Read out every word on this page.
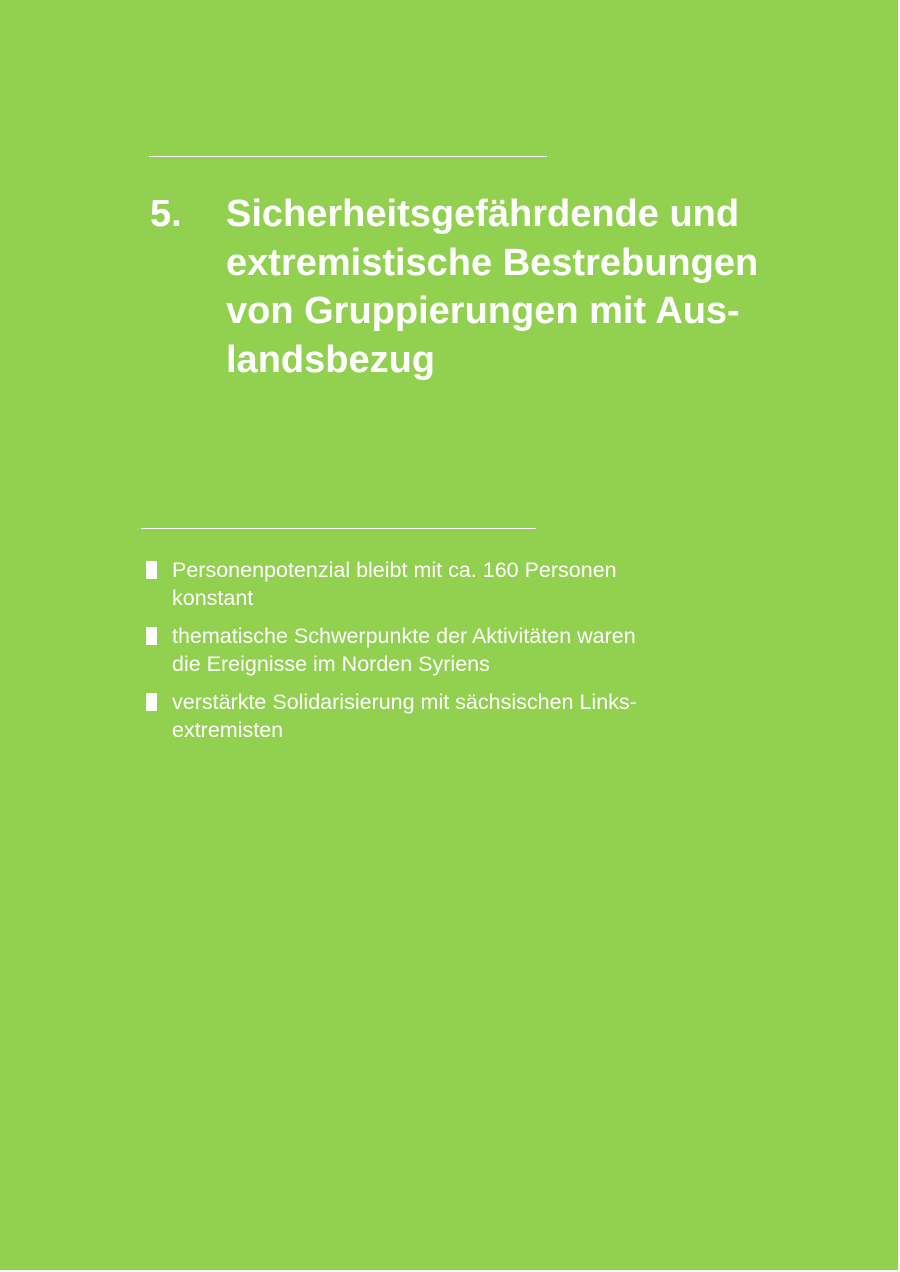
5. Sicherheitsgefährdende und
extremistische Bestrebungen
von Gruppierungen mit Aus-
landsbezug
Personenpotenzial bleibt mit ca. 160 Personen
konstant
thematische Schwerpunkte der Aktivitäten waren
die Ereignisse im Norden Syriens
verstärkte Solidarisierung mit sächsischen Links-
extremisten
